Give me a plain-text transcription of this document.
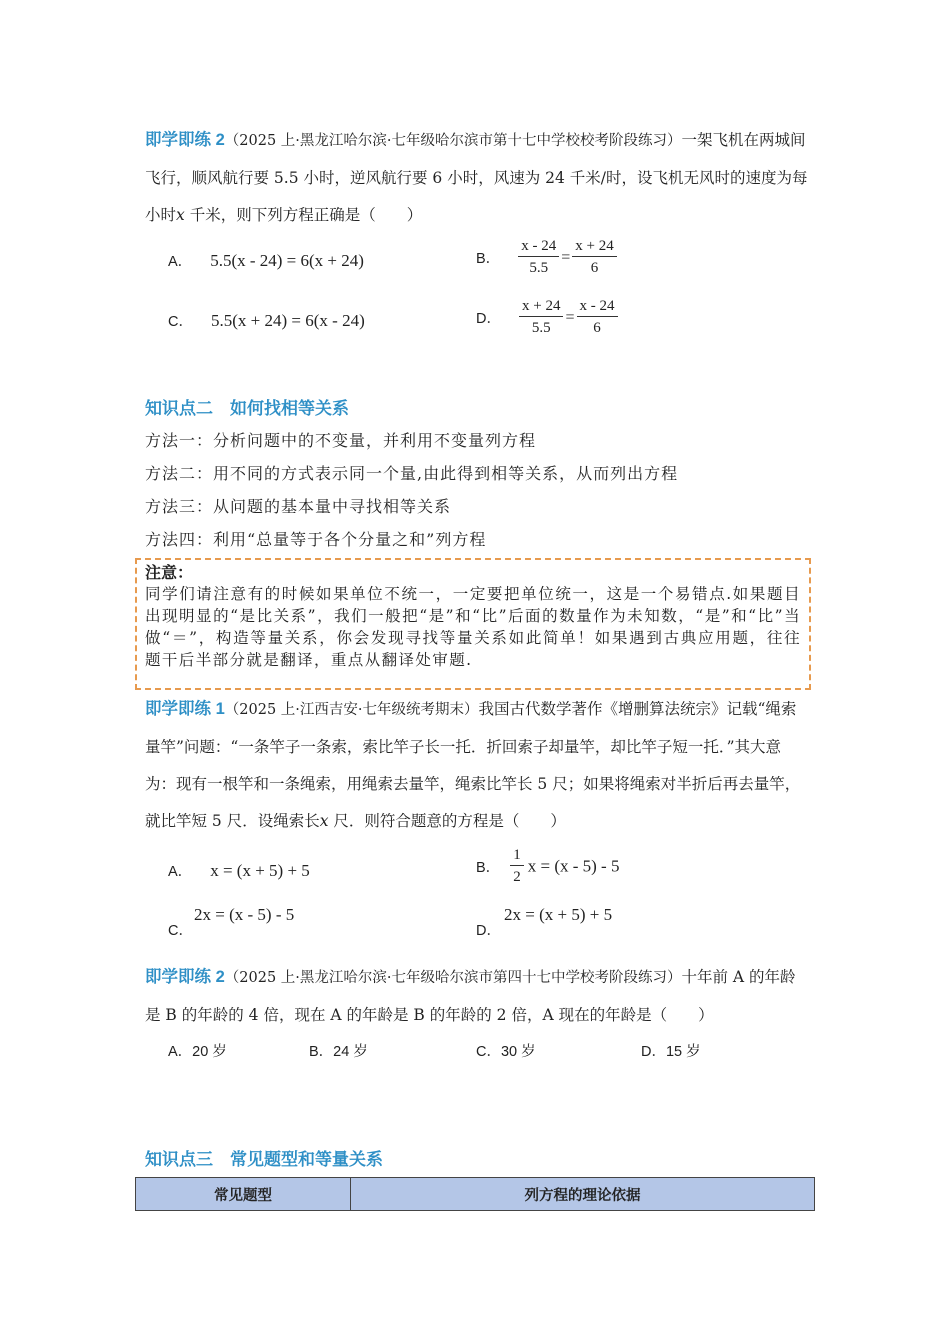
即学即练 2（2025 上·黑龙江哈尔滨·七年级哈尔滨市第十七中学校校考阶段练习）一架飞机在两城间飞行，顺风航行要 5.5 小时，逆风航行要 6 小时，风速为 24 千米/时，设飞机无风时的速度为每小时x 千米，则下列方程正确是（　　）
A． 5.5(x - 24) = 6(x + 24)	B． $\frac{x - 24}{5.5} = \frac{x + 24}{6}$
C． 5.5(x + 24) = 6(x - 24)	D． $\frac{x + 24}{5.5} = \frac{x - 24}{6}$
知识点二　如何找相等关系
方法一：分析问题中的不变量，并利用不变量列方程
方法二：用不同的方式表示同一个量,由此得到相等关系，从而列出方程
方法三：从问题的基本量中寻找相等关系
方法四：利用“总量等于各个分量之和”列方程
注意：
同学们请注意有的时候如果单位不统一，一定要把单位统一，这是一个易错点.如果题目出现明显的“是比关系”，我们一般把“是”和“比”后面的数量作为未知数，“是”和“比”当做“＝”，构造等量关系，你会发现寻找等量关系如此简单！如果遇到古典应用题，往往题干后半部分就是翻译，重点从翻译处审题.
即学即练 1（2025 上·江西吉安·七年级统考期末）我国古代数学著作《增删算法统宗》记载“绳索量竿”问题：“一条竿子一条索，索比竿子长一托．折回索子却量竿，却比竿子短一托．”其大意为：现有一根竿和一条绳索，用绳索去量竿，绳索比竿长 5 尺；如果将绳索对半折后再去量竿，就比竿短 5 尺．设绳索长x 尺．则符合题意的方程是（　　）
A． x = (x + 5) + 5	B． $\frac{1}{2}$ x = (x - 5) - 5
2x = (x - 5) - 5
C．
2x = (x + 5) + 5
D．
即学即练 2（2025 上·黑龙江哈尔滨·七年级哈尔滨市第四十七中学校考阶段练习）十年前 A 的年龄是 B 的年龄的 4 倍，现在 A 的年龄是 B 的年龄的 2 倍，A 现在的年龄是（　　）
A．20 岁	B．24 岁	C．30 岁	D．15 岁
知识点三　常见题型和等量关系
常见题型	列方程的理论依据
